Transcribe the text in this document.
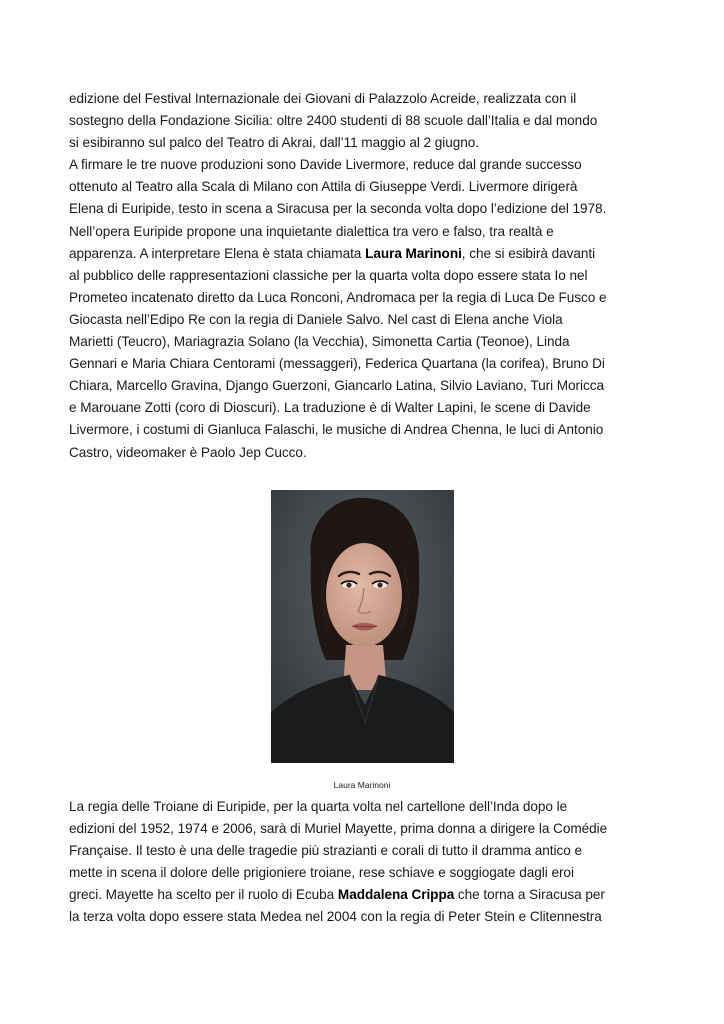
edizione del Festival Internazionale dei Giovani di Palazzolo Acreide, realizzata con il
sostegno della Fondazione Sicilia: oltre 2400 studenti di 88 scuole dall’Italia e dal mondo
si esibiranno sul palco del Teatro di Akrai, dall’11 maggio al 2 giugno.
A firmare le tre nuove produzioni sono Davide Livermore, reduce dal grande successo
ottenuto al Teatro alla Scala di Milano con Attila di Giuseppe Verdi. Livermore dirigerà
Elena di Euripide, testo in scena a Siracusa per la seconda volta dopo l’edizione del 1978.
Nell’opera Euripide propone una inquietante dialettica tra vero e falso, tra realtà e
apparenza. A interpretare Elena è stata chiamata Laura Marinoni, che si esibirà davanti
al pubblico delle rappresentazioni classiche per la quarta volta dopo essere stata Io nel
Prometeo incatenato diretto da Luca Ronconi, Andromaca per la regia di Luca De Fusco e
Giocasta nell’Edipo Re con la regia di Daniele Salvo. Nel cast di Elena anche Viola
Marietti (Teucro), Mariagrazia Solano (la Vecchia), Simonetta Cartia (Teonoe), Linda
Gennari e Maria Chiara Centorami (messaggeri), Federica Quartana (la corifea), Bruno Di
Chiara, Marcello Gravina, Django Guerzoni, Giancarlo Latina, Silvio Laviano, Turi Moricca
e Marouane Zotti (coro di Dioscuri). La traduzione è di Walter Lapini, le scene di Davide
Livermore, i costumi di Gianluca Falaschi, le musiche di Andrea Chenna, le luci di Antonio
Castro, videomaker è Paolo Jep Cucco.
Laura Marinoni
La regia delle Troiane di Euripide, per la quarta volta nel cartellone dell’Inda dopo le
edizioni del 1952, 1974 e 2006, sarà di Muriel Mayette, prima donna a dirigere la Comédie
Française. Il testo è una delle tragedie più strazianti e corali di tutto il dramma antico e
mette in scena il dolore delle prigioniere troiane, rese schiave e soggiogate dagli eroi
greci. Mayette ha scelto per il ruolo di Ecuba Maddalena Crippa che torna a Siracusa per
la terza volta dopo essere stata Medea nel 2004 con la regia di Peter Stein e Clitennestra
